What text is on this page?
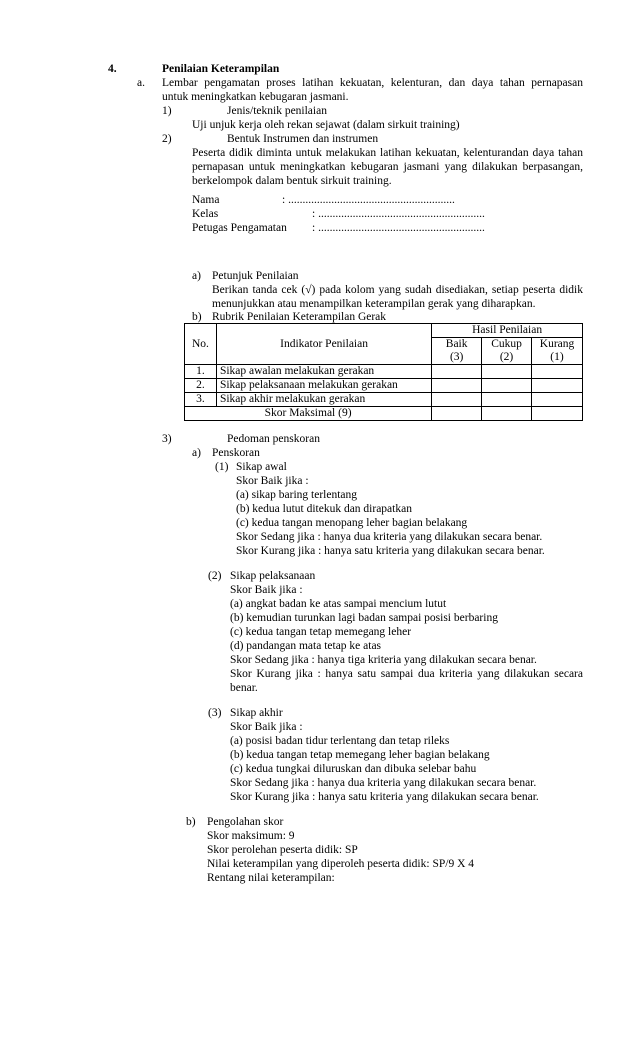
4.	Penilaian Keterampilan
a. Lembar pengamatan proses latihan kekuatan, kelenturan, dan daya tahan pernapasan
untuk meningkatkan kebugaran jasmani.
1)	Jenis/teknik penilaian
Uji unjuk kerja oleh rekan sejawat (dalam sirkuit training)
2)	Bentuk Instrumen dan instrumen
Peserta didik diminta untuk melakukan latihan kekuatan, kelenturandan daya tahan
pernapasan untuk meningkatkan kebugaran jasmani yang dilakukan berpasangan,
berkelompok dalam bentuk sirkuit training.
Nama	: ..........................................................
Kelas	: ..........................................................
Petugas Pengamatan : ..........................................................
a) Petunjuk Penilaian
Berikan tanda cek (√) pada kolom yang sudah disediakan, setiap peserta didik
menunjukkan atau menampilkan keterampilan gerak yang diharapkan.
b) Rubrik Penilaian Keterampilan Gerak
No.	Indikator Penilaian	Hasil Penilaian		
		Baik	Cukup	Kurang
		(3)	(2)	(1)
1.	Sikap awalan melakukan gerakan			
2.	Sikap pelaksanaan melakukan gerakan			
3.	Sikap akhir melakukan gerakan			
Skor Maksimal (9)				
3)	Pedoman penskoran
a) Penskoran
(1) Sikap awal
Skor Baik jika :
(a) sikap baring terlentang
(b) kedua lutut ditekuk dan dirapatkan
(c) kedua tangan menopang leher bagian belakang
Skor Sedang jika : hanya dua kriteria yang dilakukan secara benar.
Skor Kurang jika : hanya satu kriteria yang dilakukan secara benar.
(2) Sikap pelaksanaan
Skor Baik jika :
(a) angkat badan ke atas sampai mencium lutut
(b) kemudian turunkan lagi badan sampai posisi berbaring
(c) kedua tangan tetap memegang leher
(d) pandangan mata tetap ke atas
Skor Sedang jika : hanya tiga kriteria yang dilakukan secara benar.
Skor Kurang jika : hanya satu sampai dua kriteria yang dilakukan secara
benar.
(3) Sikap akhir
Skor Baik jika :
(a) posisi badan tidur terlentang dan tetap rileks
(b) kedua tangan tetap memegang leher bagian belakang
(c) kedua tungkai diluruskan dan dibuka selebar bahu
Skor Sedang jika : hanya dua kriteria yang dilakukan secara benar.
Skor Kurang jika : hanya satu kriteria yang dilakukan secara benar.
b) Pengolahan skor
Skor maksimum: 9
Skor perolehan peserta didik: SP
Nilai keterampilan yang diperoleh peserta didik: SP/9 X 4
Rentang nilai keterampilan:
